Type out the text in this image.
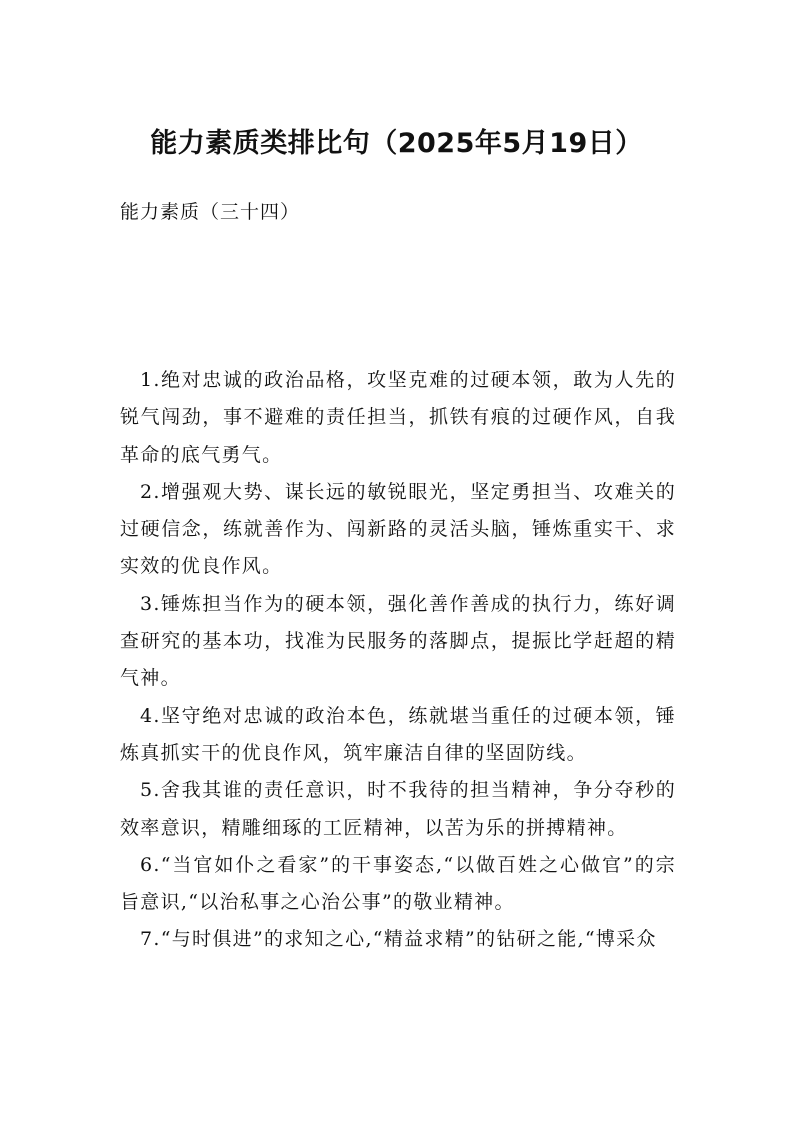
能力素质类排比句（2025年5月19日）
能力素质（三十四）

1.绝对忠诚的政治品格，攻坚克难的过硬本领，敢为人先的锐气闯劲，事不避难的责任担当，抓铁有痕的过硬作风，自我革命的底气勇气。

2.增强观大势、谋长远的敏锐眼光，坚定勇担当、攻难关的过硬信念，练就善作为、闯新路的灵活头脑，锤炼重实干、求实效的优良作风。

3.锤炼担当作为的硬本领，强化善作善成的执行力，练好调查研究的基本功，找准为民服务的落脚点，提振比学赶超的精气神。

4.坚守绝对忠诚的政治本色，练就堪当重任的过硬本领，锤炼真抓实干的优良作风，筑牢廉洁自律的坚固防线。

5.舍我其谁的责任意识，时不我待的担当精神，争分夺秒的效率意识，精雕细琢的工匠精神，以苦为乐的拼搏精神。

6.“当官如仆之看家”的干事姿态,“以做百姓之心做官”的宗旨意识,“以治私事之心治公事”的敬业精神。

7.“与时俱进”的求知之心,“精益求精”的钻研之能,“博采众
